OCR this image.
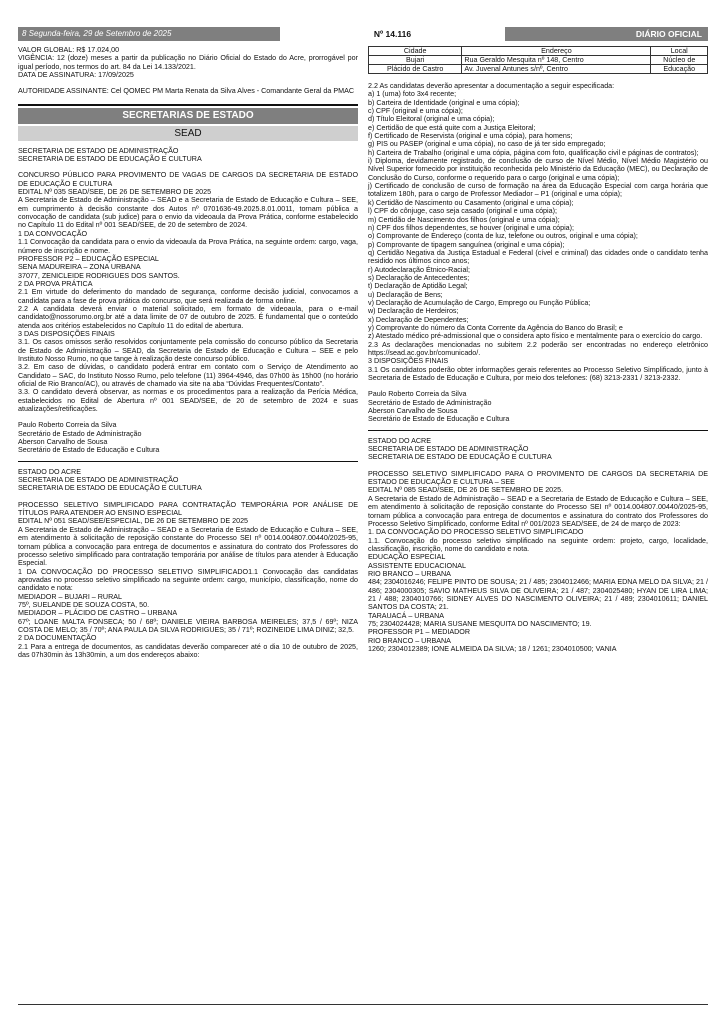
8 Segunda-feira, 29 de Setembro de 2025	Nº 14.116	DIÁRIO OFICIAL

VALOR GLOBAL: R$ 17.024,00
VIGÊNCIA: 12 (doze) meses a partir da publicação no Diário Oficial do Estado do Acre, prorrogável por igual período, nos termos do art. 84 da Lei 14.133/2021.
DATA DE ASSINATURA: 17/09/2025

AUTORIDADE ASSINANTE: Cel QOMEC PM Marta Renata da Silva Alves - Comandante Geral da PMAC

SECRETARIAS DE ESTADO
SEAD

SECRETARIA DE ESTADO DE ADMINISTRAÇÃO
SECRETARIA DE ESTADO DE EDUCAÇÃO E CULTURA

CONCURSO PÚBLICO PARA PROVIMENTO DE VAGAS DE CARGOS DA SECRETARIA DE ESTADO DE EDUCAÇÃO E CULTURA
EDITAL Nº 035 SEAD/SEE, DE 26 DE SETEMBRO DE 2025
A Secretaria de Estado de Administração – SEAD e a Secretaria de Estado de Educação e Cultura – SEE, em cumprimento à decisão constante dos Autos nº 0701636-49.2025.8.01.0011, tornam pública a convocação de candidata (sub judice) para o envio da videoaula da Prova Prática, conforme estabelecido no Capítulo 11 do Edital nº 001 SEAD/SEE, de 20 de setembro de 2024.
1 DA CONVOCAÇÃO
1.1 Convocação da candidata para o envio da videoaula da Prova Prática, na seguinte ordem: cargo, vaga, número de inscrição e nome.
PROFESSOR P2 – EDUCAÇÃO ESPECIAL
SENA MADUREIRA – ZONA URBANA
37077, ZENICLEIDE RODRIGUES DOS SANTOS.
2 DA PROVA PRÁTICA
2.1 Em virtude do deferimento do mandado de segurança, conforme decisão judicial, convocamos a candidata para a fase de prova prática do concurso, que será realizada de forma online.
2.2 A candidata deverá enviar o material solicitado, em formato de videoaula, para o e-mail candidato@nossorumo.org.br até a data limite de 07 de outubro de 2025. É fundamental que o conteúdo atenda aos critérios estabelecidos no Capítulo 11 do edital de abertura.
3 DAS DISPOSIÇÕES FINAIS
3.1. Os casos omissos serão resolvidos conjuntamente pela comissão do concurso público da Secretaria de Estado de Administração – SEAD, da Secretaria de Estado de Educação e Cultura – SEE e pelo Instituto Nosso Rumo, no que tange à realização deste concurso público.
3.2. Em caso de dúvidas, o candidato poderá entrar em contato com o Serviço de Atendimento ao Candidato – SAC, do Instituto Nosso Rumo, pelo telefone (11) 3964-4946, das 07h00 às 15h00 (no horário oficial de Rio Branco/AC), ou através de chamado via site na aba “Dúvidas Frequentes/Contato”.
3.3. O candidato deverá observar, as normas e os procedimentos para a realização da Perícia Médica, estabelecidos no Edital de Abertura nº 001 SEAD/SEE, de 20 de setembro de 2024 e suas atualizações/retificações.

Paulo Roberto Correia da Silva
Secretário de Estado de Administração
Aberson Carvalho de Sousa
Secretário de Estado de Educação e Cultura

ESTADO DO ACRE
SECRETARIA DE ESTADO DE ADMINISTRAÇÃO
SECRETARIA DE ESTADO DE EDUCAÇÃO E CULTURA

PROCESSO SELETIVO SIMPLIFICADO PARA CONTRATAÇÃO TEMPORÁRIA POR ANÁLISE DE TÍTULOS PARA ATENDER AO ENSINO ESPECIAL
EDITAL Nº 051 SEAD/SEE/ESPECIAL, DE 26 DE SETEMBRO DE 2025
A Secretaria de Estado de Administração – SEAD e a Secretaria de Estado de Educação e Cultura – SEE, em atendimento à solicitação de reposição constante do Processo SEI nº 0014.004807.00440/2025-95, tornam pública a convocação para entrega de documentos e assinatura do contrato dos Professores do processo seletivo simplificado para contratação temporária por análise de títulos para atender à Educação Especial.
1 DA CONVOCAÇÃO DO PROCESSO SELETIVO SIMPLIFICADO1.1 Convocação das candidatas aprovadas no processo seletivo simplificado na seguinte ordem: cargo, município, classificação, nome do candidato e nota:
MEDIADOR – BUJARI – RURAL
75º, SUELANDE DE SOUZA COSTA, 50.
MEDIADOR – PLÁCIDO DE CASTRO – URBANA
67º; LOANE MALTA FONSECA; 50 / 68º; DANIELE VIEIRA BARBOSA MEIRELES; 37,5 / 69º; NIZA COSTA DE MELO; 35 / 70º; ANA PAULA DA SILVA RODRIGUES; 35 / 71º; ROZINEIDE LIMA DINIZ; 32,5.
2 DA DOCUMENTAÇÃO
2.1 Para a entrega de documentos, as candidatas deverão comparecer até o dia 10 de outubro de 2025, das 07h30min às 13h30min, a um dos endereços abaixo:

Cidade	Endereço	Local
Bujari	Rua Geraldo Mesquita nº 148, Centro	Núcleo de
Plácido de Castro	Av. Juvenal Antunes s/nº, Centro	Educação

2.2 As candidatas deverão apresentar a documentação a seguir especificada:
a) 1 (uma) foto 3x4 recente;
b) Carteira de Identidade (original e uma cópia);
c) CPF (original e uma cópia);
d) Título Eleitoral (original e uma cópia);
e) Certidão de que está quite com a Justiça Eleitoral;
f) Certificado de Reservista (original e uma cópia), para homens;
g) PIS ou PASEP (original e uma cópia), no caso de já ter sido empregado;
h) Carteira de Trabalho (original e uma cópia, página com foto, qualificação civil e páginas de contratos);
i) Diploma, devidamente registrado, de conclusão de curso de Nível Médio, Nível Médio Magistério ou Nível Superior fornecido por instituição reconhecida pelo Ministério da Educação (MEC), ou Declaração de Conclusão do Curso, conforme o requerido para o cargo (original e uma cópia);
j) Certificado de conclusão de curso de formação na área da Educação Especial com carga horária que totalizem 180h, para o cargo de Professor Mediador – P1 (original e uma cópia);
k) Certidão de Nascimento ou Casamento (original e uma cópia);
l) CPF do cônjuge, caso seja casado (original e uma cópia);
m) Certidão de Nascimento dos filhos (original e uma cópia);
n) CPF dos filhos dependentes, se houver (original e uma cópia);
o) Comprovante de Endereço (conta de luz, telefone ou outros, original e uma cópia);
p) Comprovante de tipagem sanguínea (original e uma cópia);
q) Certidão Negativa da Justiça Estadual e Federal (cível e criminal) das cidades onde o candidato tenha residido nos últimos cinco anos;
r) Autodeclaração Étnico-Racial;
s) Declaração de Antecedentes;
t) Declaração de Aptidão Legal;
u) Declaração de Bens;
v) Declaração de Acumulação de Cargo, Emprego ou Função Pública;
w) Declaração de Herdeiros;
x) Declaração de Dependentes;
y) Comprovante do número da Conta Corrente da Agência do Banco do Brasil; e
z) Atestado médico pré-admissional que o considera apto físico e mentalmente para o exercício do cargo.
2.3 As declarações mencionadas no subitem 2.2 poderão ser encontradas no endereço eletrônico https://sead.ac.gov.br/comunicado/.
3 DISPOSIÇÕES FINAIS
3.1 Os candidatos poderão obter informações gerais referentes ao Processo Seletivo Simplificado, junto à Secretaria de Estado de Educação e Cultura, por meio dos telefones: (68) 3213-2331 / 3213-2332.

Paulo Roberto Correia da Silva
Secretário de Estado de Administração
Aberson Carvalho de Sousa
Secretário de Estado de Educação e Cultura

ESTADO DO ACRE
SECRETARIA DE ESTADO DE ADMINISTRAÇÃO
SECRETARIA DE ESTADO DE EDUCAÇÃO E CULTURA

PROCESSO SELETIVO SIMPLIFICADO PARA O PROVIMENTO DE CARGOS DA SECRETARIA DE ESTADO DE EDUCAÇÃO E CULTURA – SEE
EDITAL Nº 085 SEAD/SEE, DE 26 DE SETEMBRO DE 2025.
A Secretaria de Estado de Administração – SEAD e a Secretaria de Estado de Educação e Cultura – SEE, em atendimento à solicitação de reposição constante do Processo SEI nº 0014.004807.00440/2025-95, tornam pública a convocação para entrega de documentos e assinatura do contrato dos Professores do Processo Seletivo Simplificado, conforme Edital nº 001/2023 SEAD/SEE, de 24 de março de 2023:
1. DA CONVOCAÇÃO DO PROCESSO SELETIVO SIMPLIFICADO
1.1. Convocação do processo seletivo simplificado na seguinte ordem: projeto, cargo, localidade, classificação, inscrição, nome do candidato e nota.
EDUCAÇÃO ESPECIAL
ASSISTENTE EDUCACIONAL
RIO BRANCO – URBANA
484; 2304016246; FELIPE PINTO DE SOUSA; 21 / 485; 2304012466; MARIA EDNA MELO DA SILVA; 21 / 486; 2304000305; SAVIO MATHEUS SILVA DE OLIVEIRA; 21 / 487; 2304025480; HYAN DE LIRA LIMA; 21 / 488; 2304010766; SIDNEY ALVES DO NASCIMENTO OLIVEIRA; 21 / 489; 2304010611; DANIEL SANTOS DA COSTA; 21.
TARAUACÁ – URBANA
75; 2304024428; MARIA SUSANE MESQUITA DO NASCIMENTO; 19.
PROFESSOR P1 – MEDIADOR
RIO BRANCO – URBANA
1260; 2304012389; IONE ALMEIDA DA SILVA; 18 / 1261; 2304010500; VANIA
